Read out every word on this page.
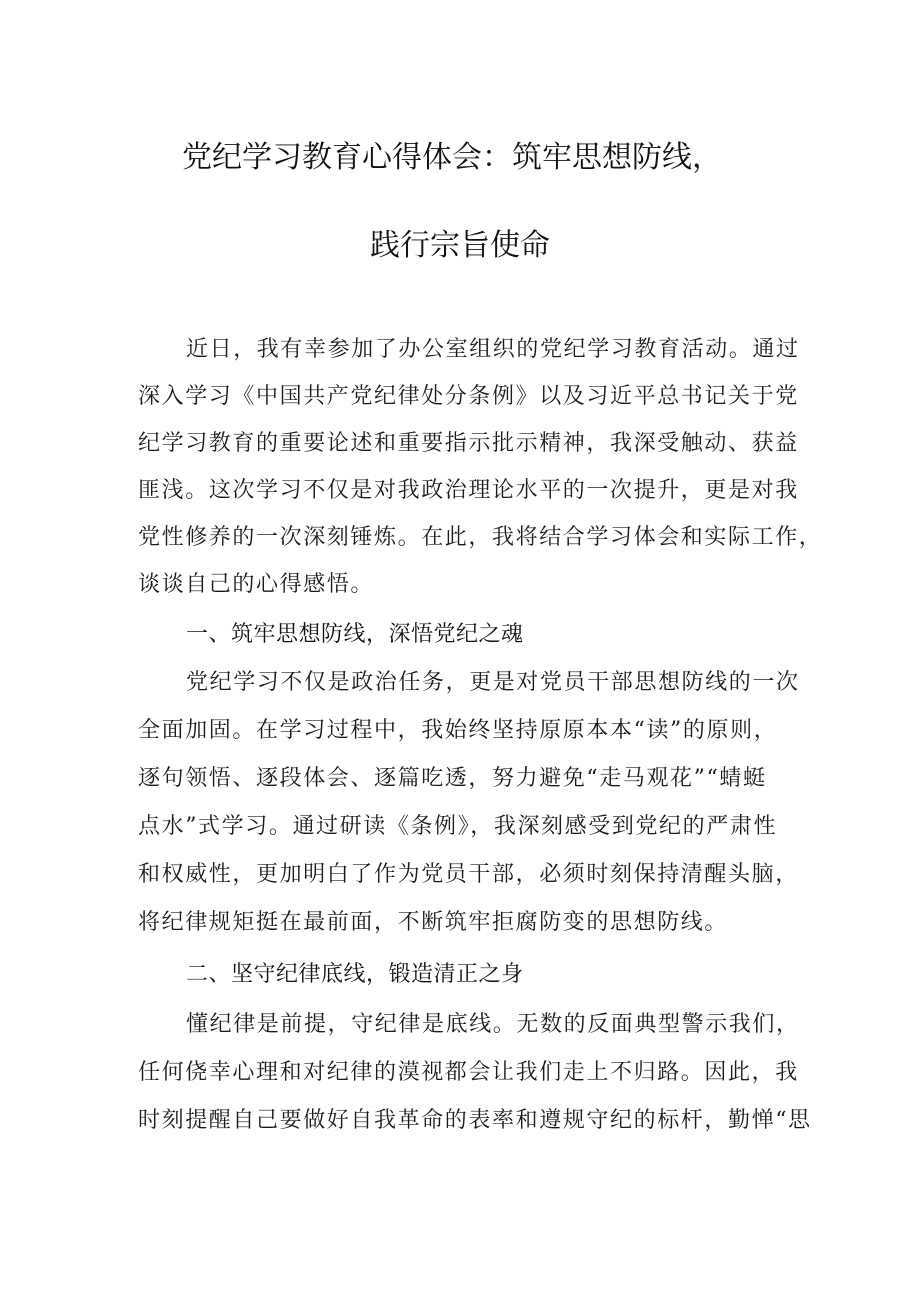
党纪学习教育心得体会：筑牢思想防线，
践行宗旨使命
近日，我有幸参加了办公室组织的党纪学习教育活动。通过
深入学习《中国共产党纪律处分条例》以及习近平总书记关于党
纪学习教育的重要论述和重要指示批示精神，我深受触动、获益
匪浅。这次学习不仅是对我政治理论水平的一次提升，更是对我
党性修养的一次深刻锤炼。在此，我将结合学习体会和实际工作，
谈谈自己的心得感悟。
一、筑牢思想防线，深悟党纪之魂
党纪学习不仅是政治任务，更是对党员干部思想防线的一次
全面加固。在学习过程中，我始终坚持原原本本“读”的原则，
逐句领悟、逐段体会、逐篇吃透，努力避免“走马观花”“蜻蜓
点水”式学习。通过研读《条例》，我深刻感受到党纪的严肃性
和权威性，更加明白了作为党员干部，必须时刻保持清醒头脑，
将纪律规矩挺在最前面，不断筑牢拒腐防变的思想防线。
二、坚守纪律底线，锻造清正之身
懂纪律是前提，守纪律是底线。无数的反面典型警示我们，
任何侥幸心理和对纪律的漠视都会让我们走上不归路。因此，我
时刻提醒自己要做好自我革命的表率和遵规守纪的标杆，勤惮“思
